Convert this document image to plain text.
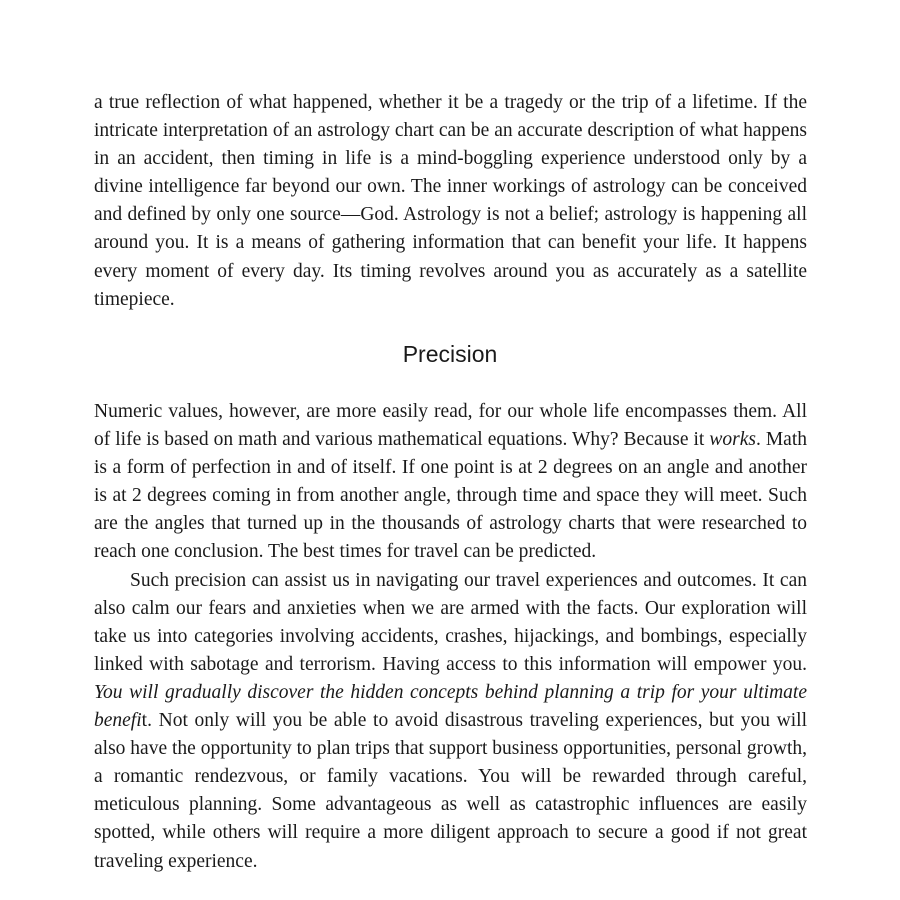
a true reflection of what happened, whether it be a tragedy or the trip of a lifetime. If the intricate interpretation of an astrology chart can be an accurate description of what happens in an accident, then timing in life is a mind-boggling experience understood only by a divine intelligence far beyond our own. The inner workings of astrology can be conceived and defined by only one source—God. Astrology is not a belief; astrology is happening all around you. It is a means of gathering information that can benefit your life. It happens every moment of every day. Its timing revolves around you as accurately as a satellite timepiece.

Precision

Numeric values, however, are more easily read, for our whole life encompasses them. All of life is based on math and various mathematical equations. Why? Because it works. Math is a form of perfection in and of itself. If one point is at 2 degrees on an angle and another is at 2 degrees coming in from another angle, through time and space they will meet. Such are the angles that turned up in the thousands of astrology charts that were researched to reach one conclusion. The best times for travel can be predicted.

Such precision can assist us in navigating our travel experiences and outcomes. It can also calm our fears and anxieties when we are armed with the facts. Our exploration will take us into categories involving accidents, crashes, hijackings, and bombings, especially linked with sabotage and terrorism. Having access to this information will empower you. You will gradually discover the hidden concepts behind planning a trip for your ultimate benefit. Not only will you be able to avoid disastrous traveling experiences, but you will also have the opportunity to plan trips that support business opportunities, personal growth, a romantic rendezvous, or family vacations. You will be rewarded through careful, meticulous planning. Some advantageous as well as catastrophic influences are easily spotted, while others will require a more diligent approach to secure a good if not great traveling experience.
